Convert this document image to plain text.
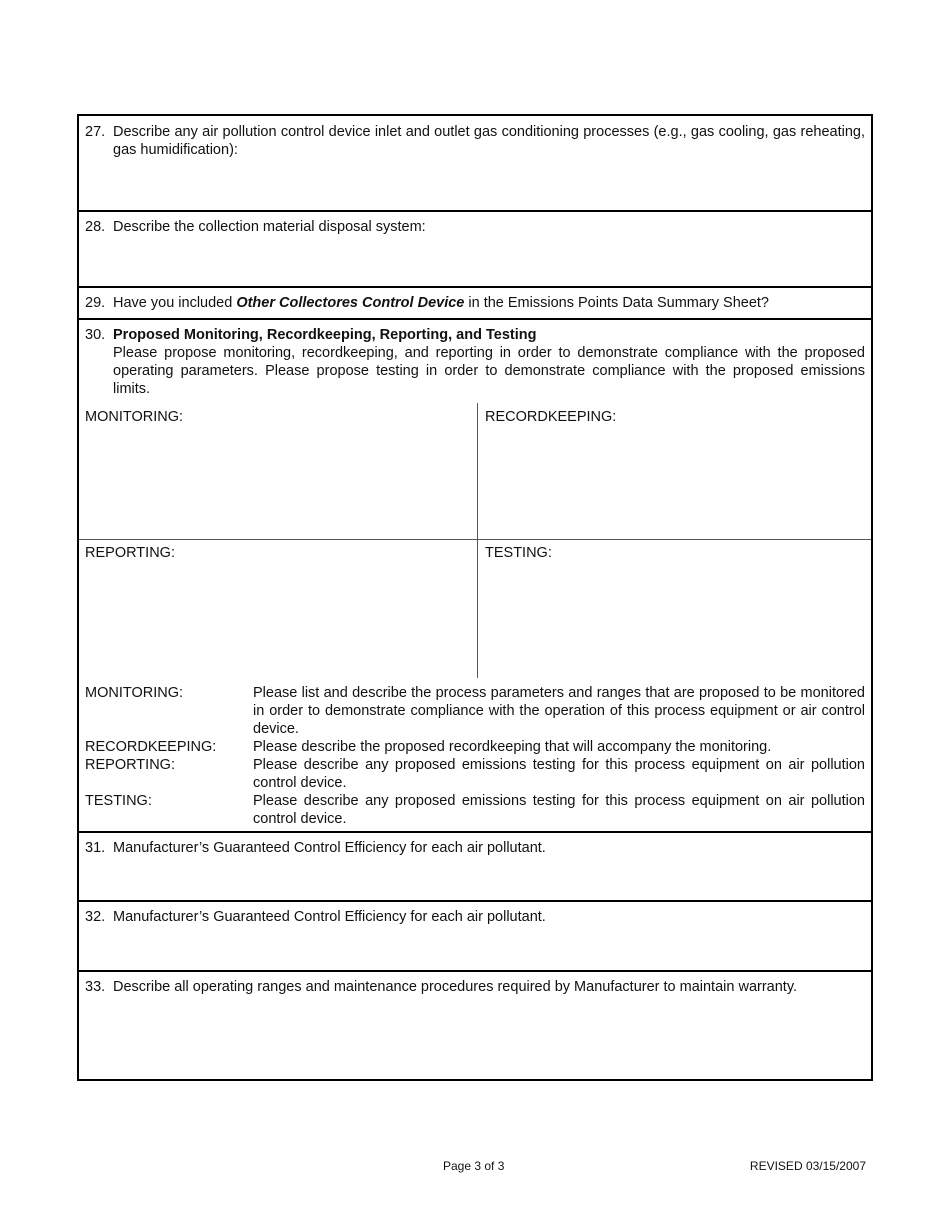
27. Describe any air pollution control device inlet and outlet gas conditioning processes (e.g., gas cooling, gas reheating, gas humidification):
28. Describe the collection material disposal system:
29. Have you included Other Collectores Control Device in the Emissions Points Data Summary Sheet?
30. Proposed Monitoring, Recordkeeping, Reporting, and Testing
Please propose monitoring, recordkeeping, and reporting in order to demonstrate compliance with the proposed operating parameters. Please propose testing in order to demonstrate compliance with the proposed emissions limits.
MONITORING:	RECORDKEEPING:
REPORTING:	TESTING:
MONITORING:	Please list and describe the process parameters and ranges that are proposed to be monitored in order to demonstrate compliance with the operation of this process equipment or air control device.
RECORDKEEPING:	Please describe the proposed recordkeeping that will accompany the monitoring.
REPORTING:	Please describe any proposed emissions testing for this process equipment on air pollution control device.
TESTING:	Please describe any proposed emissions testing for this process equipment on air pollution control device.
31. Manufacturer’s Guaranteed Control Efficiency for each air pollutant.
32. Manufacturer’s Guaranteed Control Efficiency for each air pollutant.
33. Describe all operating ranges and maintenance procedures required by Manufacturer to maintain warranty.
Page 3 of 3	REVISED 03/15/2007
